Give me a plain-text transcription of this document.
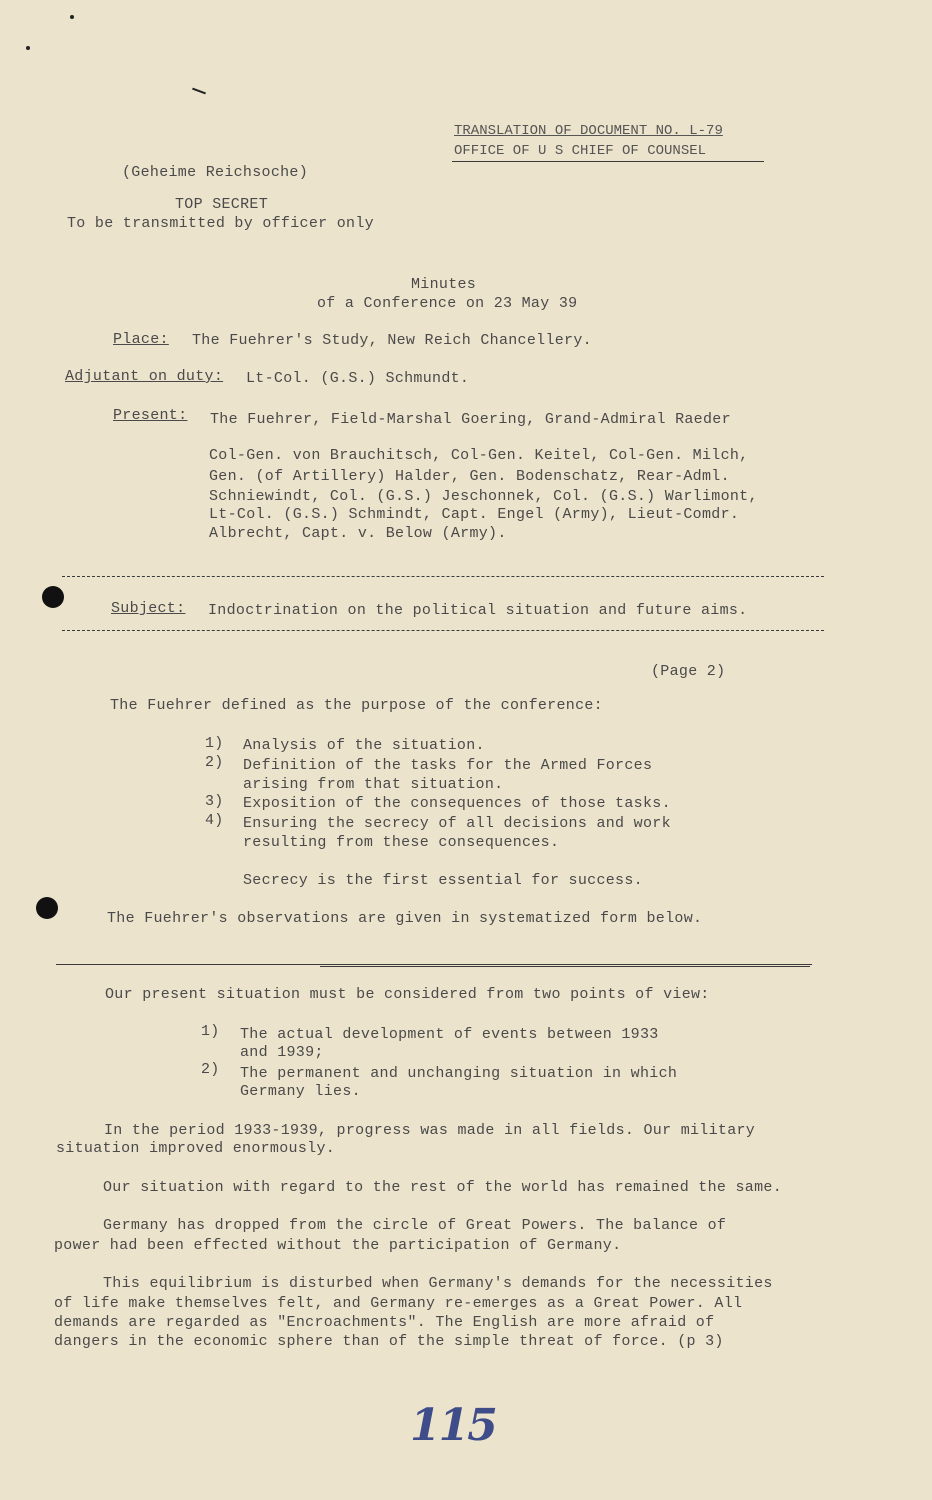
TRANSLATION OF DOCUMENT NO. L-79
OFFICE OF U S CHIEF OF COUNSEL
(Geheime Reichsoche)
TOP SECRET
To be transmitted by officer only
Minutes
of a Conference on 23 May 39
Place: The Fuehrer's Study, New Reich Chancellery.
Adjutant on duty: Lt-Col. (G.S.) Schmundt.
Present: The Fuehrer, Field-Marshal Goering, Grand-Admiral Raeder
Col-Gen. von Brauchitsch, Col-Gen. Keitel, Col-Gen. Milch,
Gen. (of Artillery) Halder, Gen. Bodenschatz, Rear-Adml.
Schniewindt, Col. (G.S.) Jeschonnek, Col. (G.S.) Warlimont,
Lt-Col. (G.S.) Schmindt, Capt. Engel (Army), Lieut-Comdr.
Albrecht, Capt. v. Below (Army).
Subject: Indoctrination on the political situation and future aims.
(Page 2)
The Fuehrer defined as the purpose of the conference:
1) Analysis of the situation.
2) Definition of the tasks for the Armed Forces
arising from that situation.
3) Exposition of the consequences of those tasks.
4) Ensuring the secrecy of all decisions and work
resulting from these consequences.
Secrecy is the first essential for success.
The Fuehrer's observations are given in systematized form below.
Our present situation must be considered from two points of view:
1) The actual development of events between 1933
and 1939;
2) The permanent and unchanging situation in which
Germany lies.
In the period 1933-1939, progress was made in all fields. Our military
situation improved enormously.
Our situation with regard to the rest of the world has remained the same.
Germany has dropped from the circle of Great Powers. The balance of
power had been effected without the participation of Germany.
This equilibrium is disturbed when Germany's demands for the necessities
of life make themselves felt, and Germany re-emerges as a Great Power. All
demands are regarded as "Encroachments". The English are more afraid of
dangers in the economic sphere than of the simple threat of force. (p 3)
115
